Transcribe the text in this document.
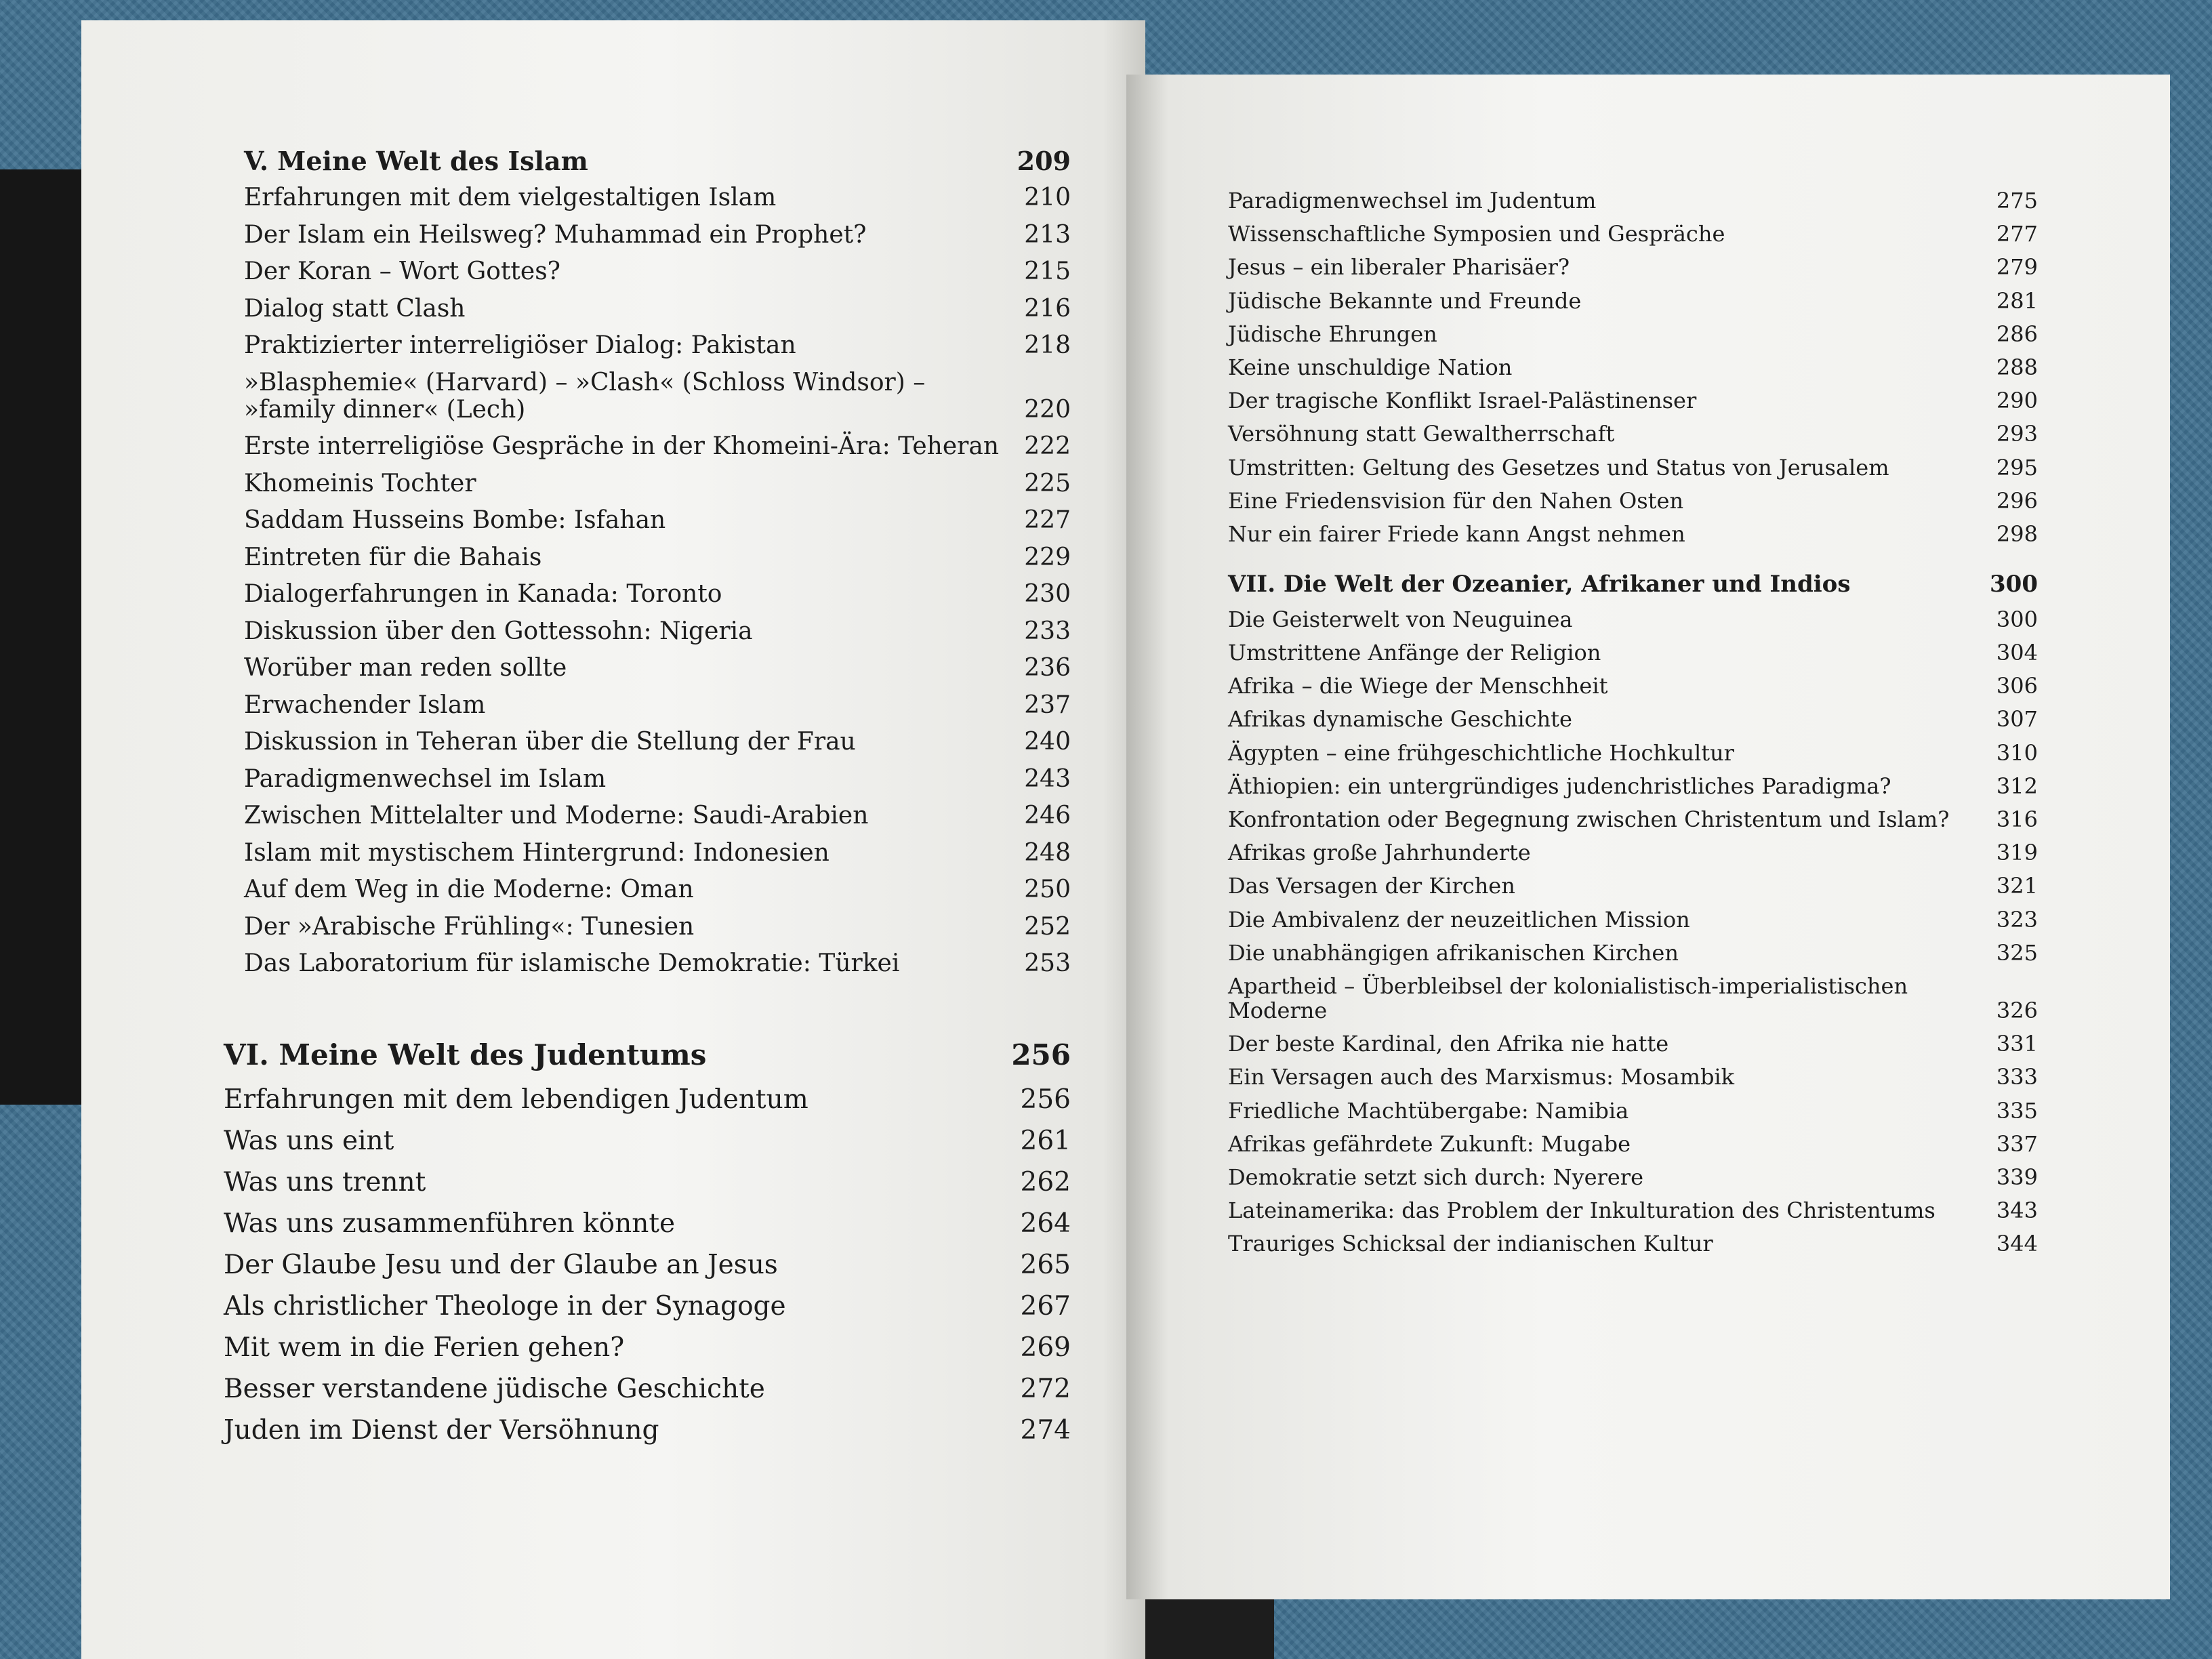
V. Meine Welt des Islam	209
Erfahrungen mit dem vielgestaltigen Islam	210
Der Islam ein Heilsweg? Muhammad ein Prophet?	213
Der Koran – Wort Gottes?	215
Dialog statt Clash	216
Praktizierter interreligiöser Dialog: Pakistan	218
»Blasphemie« (Harvard) – »Clash« (Schloss Windsor) – »family dinner« (Lech)	220
Erste interreligiöse Gespräche in der Khomeini-Ära: Teheran	222
Khomeinis Tochter	225
Saddam Husseins Bombe: Isfahan	227
Eintreten für die Bahais	229
Dialogerfahrungen in Kanada: Toronto	230
Diskussion über den Gottessohn: Nigeria	233
Worüber man reden sollte	236
Erwachender Islam	237
Diskussion in Teheran über die Stellung der Frau	240
Paradigmenwechsel im Islam	243
Zwischen Mittelalter und Moderne: Saudi-Arabien	246
Islam mit mystischem Hintergrund: Indonesien	248
Auf dem Weg in die Moderne: Oman	250
Der »Arabische Frühling«: Tunesien	252
Das Laboratorium für islamische Demokratie: Türkei	253
VI. Meine Welt des Judentums	256
Erfahrungen mit dem lebendigen Judentum	256
Was uns eint	261
Was uns trennt	262
Was uns zusammenführen könnte	264
Der Glaube Jesu und der Glaube an Jesus	265
Als christlicher Theologe in der Synagoge	267
Mit wem in die Ferien gehen?	269
Besser verstandene jüdische Geschichte	272
Juden im Dienst der Versöhnung	274
Paradigmenwechsel im Judentum	275
Wissenschaftliche Symposien und Gespräche	277
Jesus – ein liberaler Pharisäer?	279
Jüdische Bekannte und Freunde	281
Jüdische Ehrungen	286
Keine unschuldige Nation	288
Der tragische Konflikt Israel-Palästinenser	290
Versöhnung statt Gewaltherrschaft	293
Umstritten: Geltung des Gesetzes und Status von Jerusalem	295
Eine Friedensvision für den Nahen Osten	296
Nur ein fairer Friede kann Angst nehmen	298
VII. Die Welt der Ozeanier, Afrikaner und Indios	300
Die Geisterwelt von Neuguinea	300
Umstrittene Anfänge der Religion	304
Afrika – die Wiege der Menschheit	306
Afrikas dynamische Geschichte	307
Ägypten – eine frühgeschichtliche Hochkultur	310
Äthiopien: ein untergründiges judenchristliches Paradigma?	312
Konfrontation oder Begegnung zwischen Christentum und Islam?	316
Afrikas große Jahrhunderte	319
Das Versagen der Kirchen	321
Die Ambivalenz der neuzeitlichen Mission	323
Die unabhängigen afrikanischen Kirchen	325
Apartheid – Überbleibsel der kolonialistisch-imperialistischen Moderne	326
Der beste Kardinal, den Afrika nie hatte	331
Ein Versagen auch des Marxismus: Mosambik	333
Friedliche Machtübergabe: Namibia	335
Afrikas gefährdete Zukunft: Mugabe	337
Demokratie setzt sich durch: Nyerere	339
Lateinamerika: das Problem der Inkulturation des Christentums	343
Trauriges Schicksal der indianischen Kultur	344
